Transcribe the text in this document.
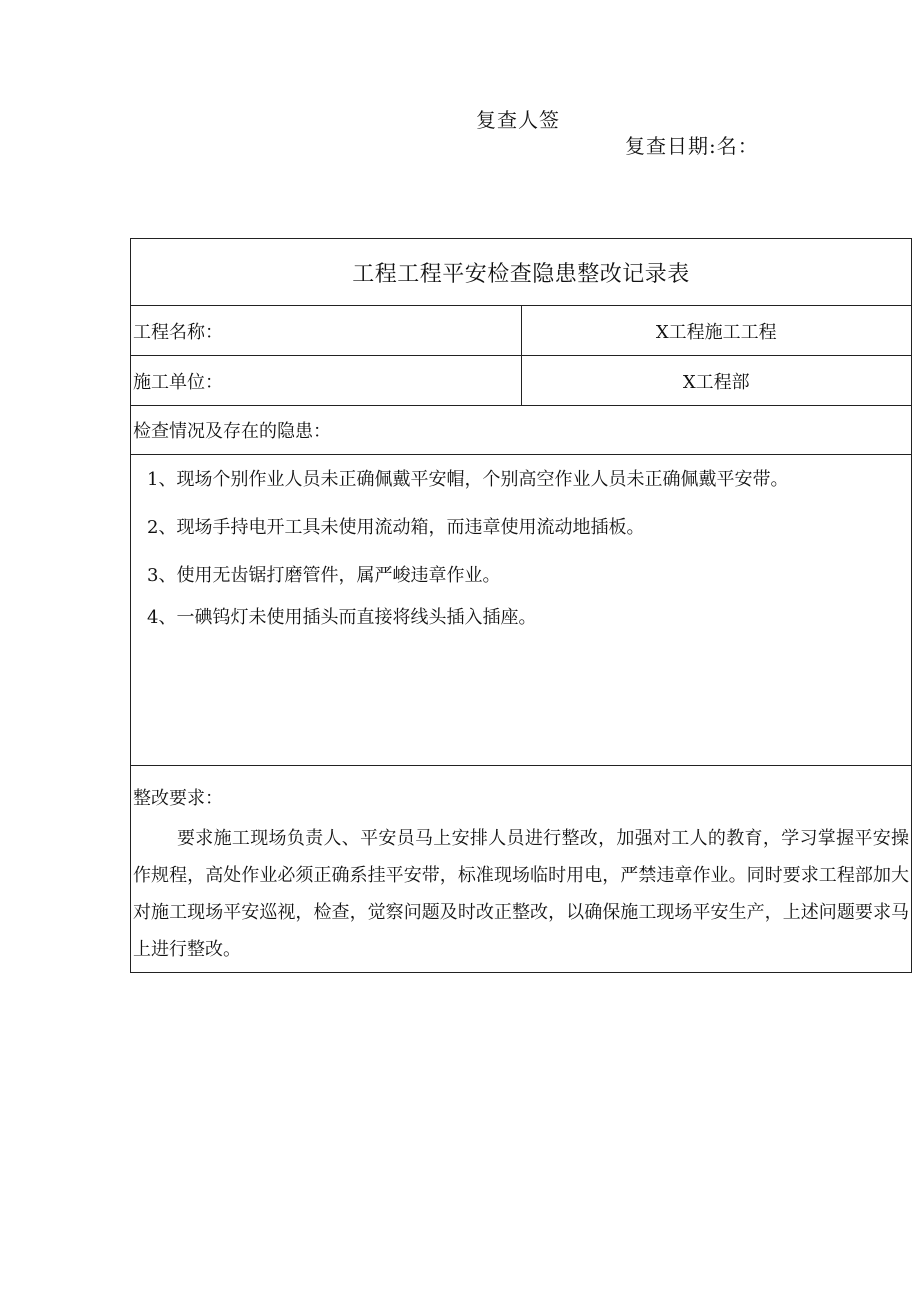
复查人签
复查日期:名：
工程工程平安检查隐患整改记录表	
工程名称：	X工程施工工程
施工单位：	X工程部
检查情况及存在的隐患：	

1、现场个别作业人员未正确佩戴平安帽，个别高空作业人员未正确佩戴平安带。
2、现场手持电开工具未使用流动箱，而违章使用流动地插板。
3、使用无齿锯打磨管件，属严峻违章作业。
4、一碘钨灯未使用插头而直接将线头插入插座。	

整改要求：
要求施工现场负责人、平安员马上安排人员进行整改，加强对工人的教育，学习掌握平安操作规程，高处作业必须正确系挂平安带，标准现场临时用电，严禁违章作业。同时要求工程部加大对施工现场平安巡视，检查，觉察问题及时改正整改，以确保施工现场平安生产，上述问题要求马上进行整改。	
